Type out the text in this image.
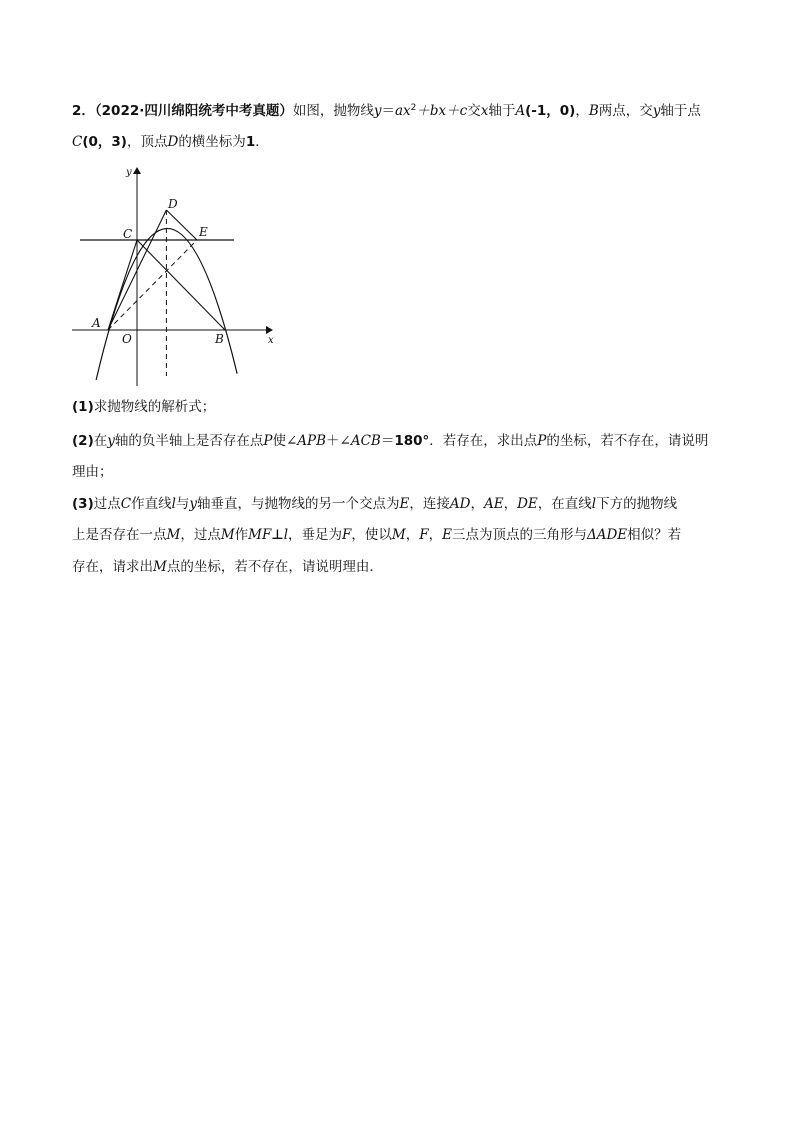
2．（2022·四川绵阳统考中考真题）如图，抛物线$y=ax^2+bx+c$交x轴于A(-1，0)，B两点，交y轴于点
C(0，3)，顶点D的横坐标为1．
y
x
O
A
B
C
D
E
(1)求抛物线的解析式；
(2)在y轴的负半轴上是否存在点P使∠APB＋∠ACB＝180°．若存在，求出点P的坐标，若不存在，请说明
理由；
(3)过点C作直线l与y轴垂直，与抛物线的另一个交点为E，连接AD，AE，DE，在直线l下方的抛物线
上是否存在一点M，过点M作MF⊥l，垂足为F，使以M，F，E三点为顶点的三角形与ΔADE相似？若
存在，请求出M点的坐标，若不存在，请说明理由．
